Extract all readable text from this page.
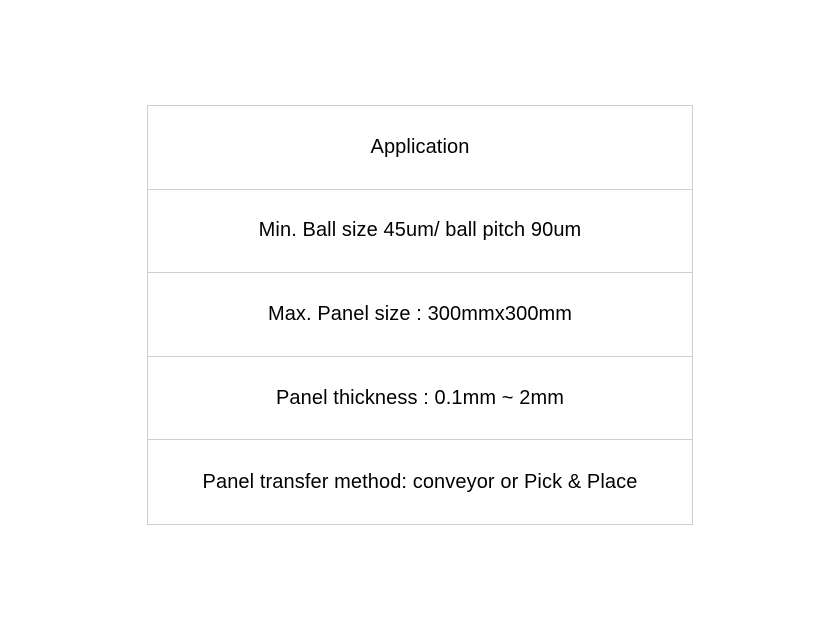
Application
Min. Ball size 45um/ ball pitch 90um
Max. Panel size : 300mmx300mm
Panel thickness : 0.1mm ~ 2mm
Panel transfer method: conveyor or Pick & Place
